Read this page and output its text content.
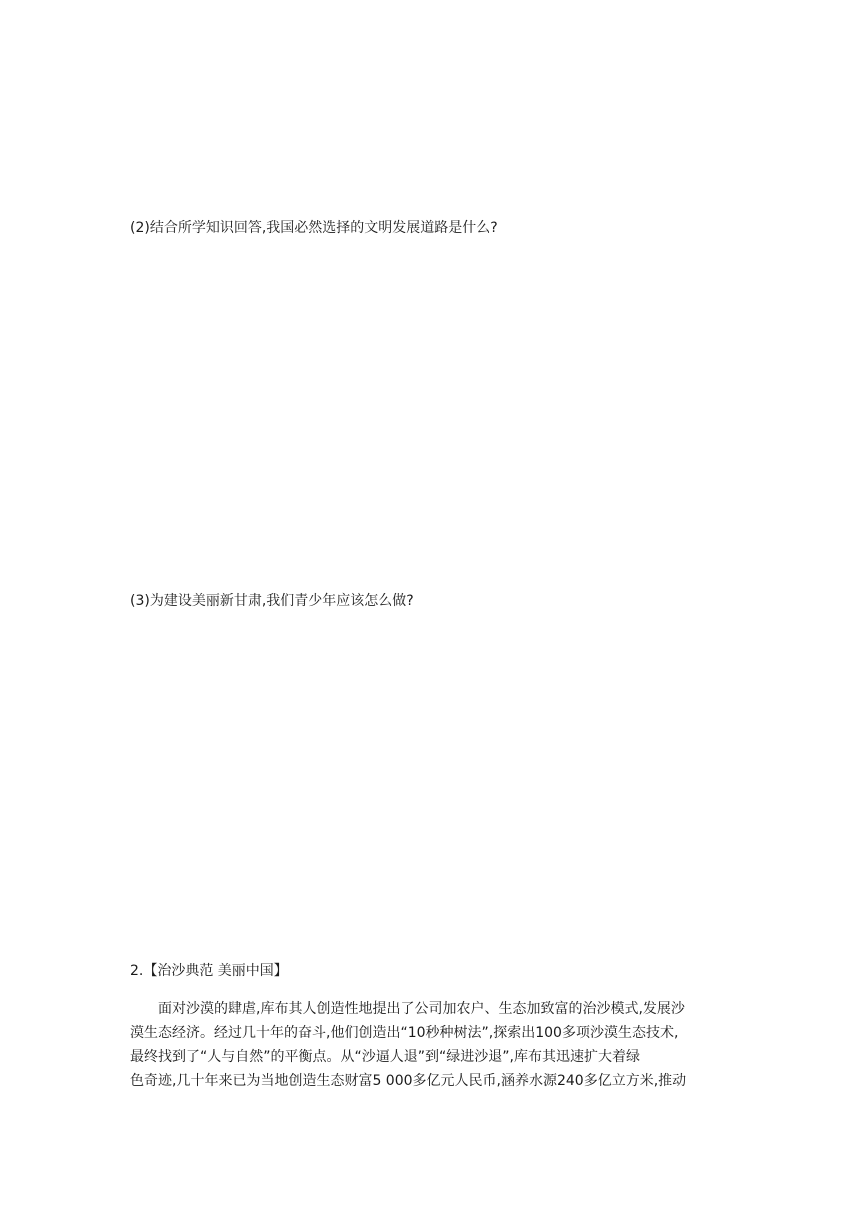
(2)结合所学知识回答,我国必然选择的文明发展道路是什么?
(3)为建设美丽新甘肃,我们青少年应该怎么做?
2.【治沙典范 美丽中国】
面对沙漠的肆虐,库布其人创造性地提出了公司加农户、生态加致富的治沙模式,发展沙
漠生态经济。经过几十年的奋斗,他们创造出“10秒种树法”,探索出100多项沙漠生态技术,
最终找到了“人与自然”的平衡点。从“沙逼人退”到“绿进沙退”,库布其迅速扩大着绿
色奇迹,几十年来已为当地创造生态财富5 000多亿元人民币,涵养水源240多亿立方米,推动
